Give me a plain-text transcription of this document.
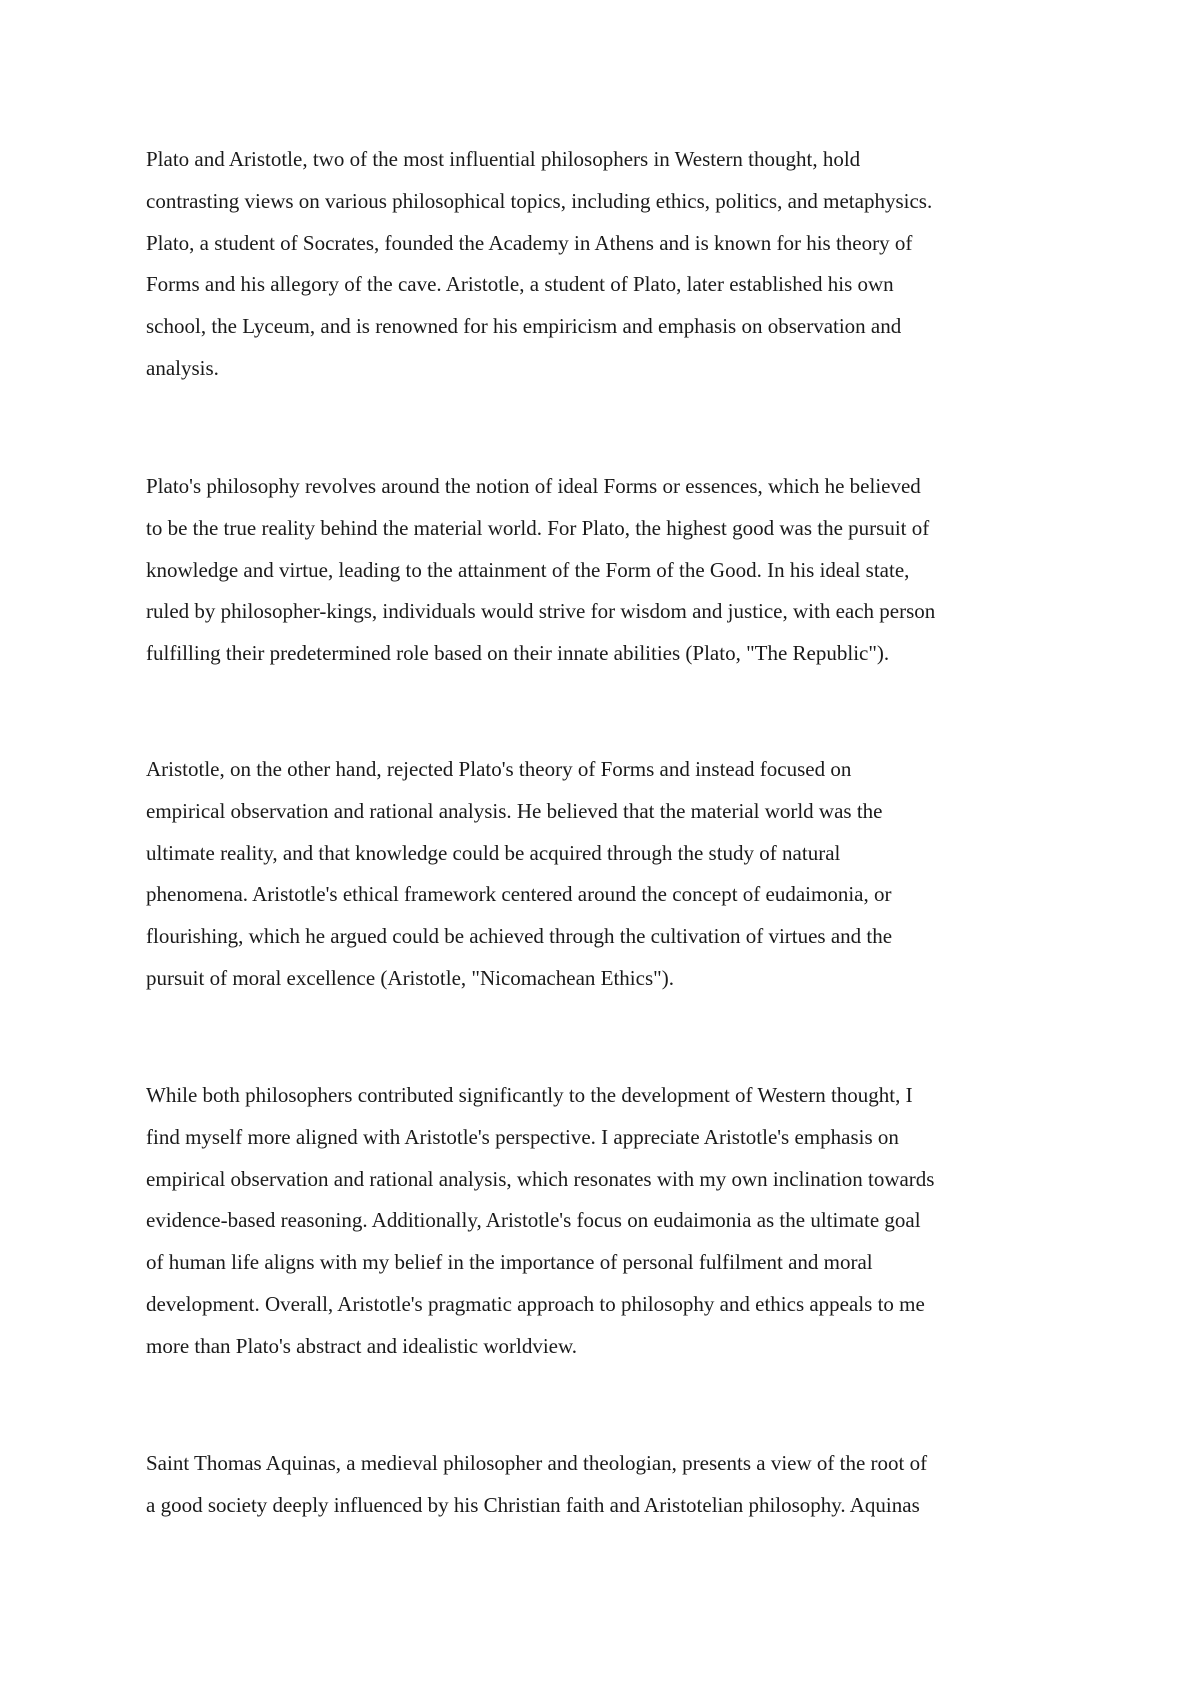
Plato and Aristotle, two of the most influential philosophers in Western thought, hold
contrasting views on various philosophical topics, including ethics, politics, and metaphysics.
Plato, a student of Socrates, founded the Academy in Athens and is known for his theory of
Forms and his allegory of the cave. Aristotle, a student of Plato, later established his own
school, the Lyceum, and is renowned for his empiricism and emphasis on observation and
analysis.
Plato's philosophy revolves around the notion of ideal Forms or essences, which he believed
to be the true reality behind the material world. For Plato, the highest good was the pursuit of
knowledge and virtue, leading to the attainment of the Form of the Good. In his ideal state,
ruled by philosopher-kings, individuals would strive for wisdom and justice, with each person
fulfilling their predetermined role based on their innate abilities (Plato, "The Republic").
Aristotle, on the other hand, rejected Plato's theory of Forms and instead focused on
empirical observation and rational analysis. He believed that the material world was the
ultimate reality, and that knowledge could be acquired through the study of natural
phenomena. Aristotle's ethical framework centered around the concept of eudaimonia, or
flourishing, which he argued could be achieved through the cultivation of virtues and the
pursuit of moral excellence (Aristotle, "Nicomachean Ethics").
While both philosophers contributed significantly to the development of Western thought, I
find myself more aligned with Aristotle's perspective. I appreciate Aristotle's emphasis on
empirical observation and rational analysis, which resonates with my own inclination towards
evidence-based reasoning. Additionally, Aristotle's focus on eudaimonia as the ultimate goal
of human life aligns with my belief in the importance of personal fulfilment and moral
development. Overall, Aristotle's pragmatic approach to philosophy and ethics appeals to me
more than Plato's abstract and idealistic worldview.
Saint Thomas Aquinas, a medieval philosopher and theologian, presents a view of the root of
a good society deeply influenced by his Christian faith and Aristotelian philosophy. Aquinas
